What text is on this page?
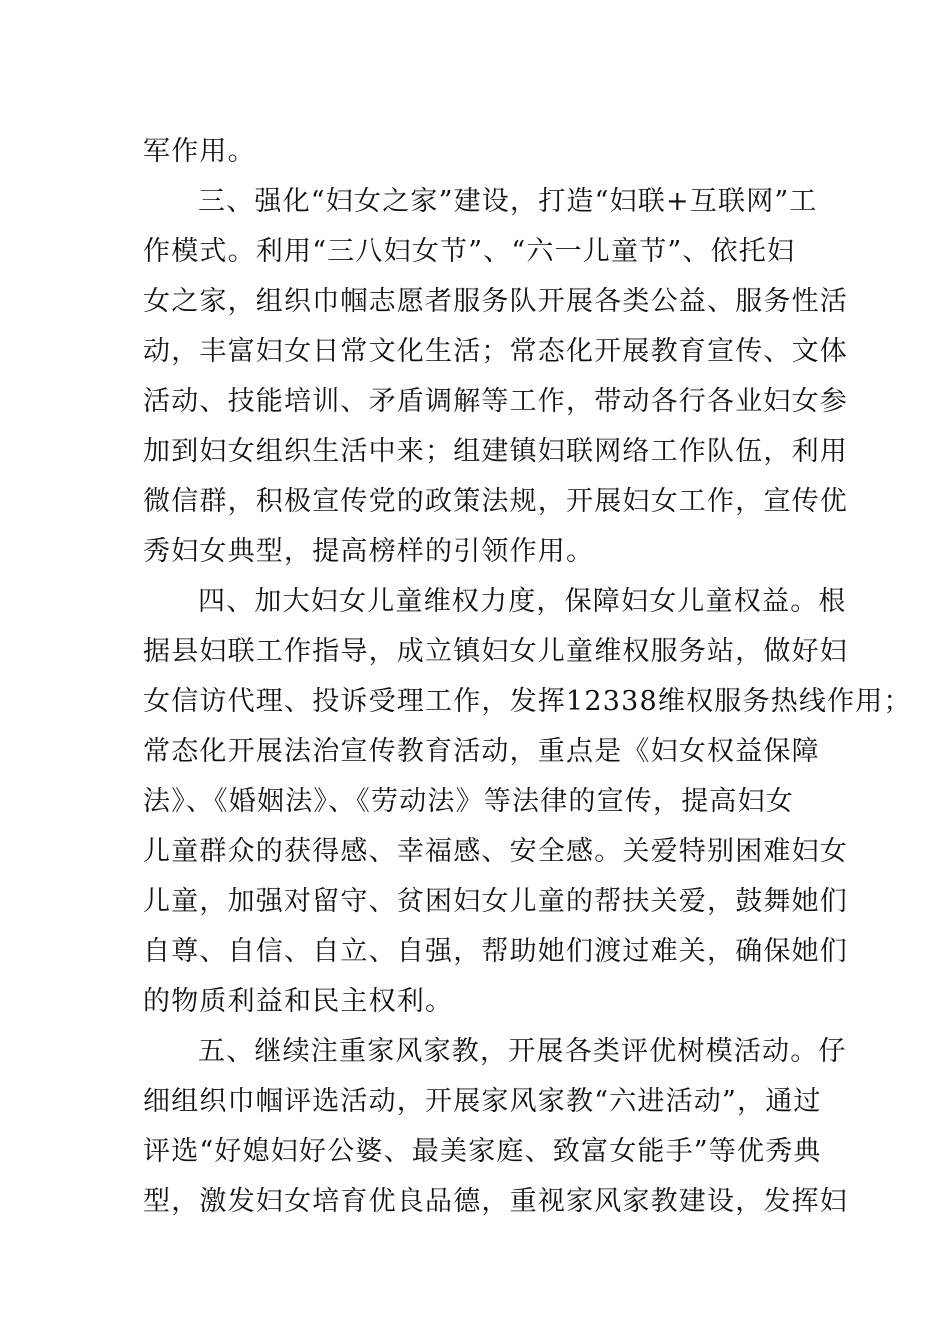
军作用。
三、强化“妇女之家”建设，打造“妇联+互联网”工
作模式。利用“三八妇女节”、“六一儿童节”、依托妇
女之家，组织巾帼志愿者服务队开展各类公益、服务性活
动，丰富妇女日常文化生活；常态化开展教育宣传、文体
活动、技能培训、矛盾调解等工作，带动各行各业妇女参
加到妇女组织生活中来；组建镇妇联网络工作队伍，利用
微信群，积极宣传党的政策法规，开展妇女工作，宣传优
秀妇女典型，提高榜样的引领作用。
四、加大妇女儿童维权力度，保障妇女儿童权益。根
据县妇联工作指导，成立镇妇女儿童维权服务站，做好妇
女信访代理、投诉受理工作，发挥12338维权服务热线作用；
常态化开展法治宣传教育活动，重点是《妇女权益保障
法》、《婚姻法》、《劳动法》等法律的宣传，提高妇女
儿童群众的获得感、幸福感、安全感。关爱特别困难妇女
儿童，加强对留守、贫困妇女儿童的帮扶关爱，鼓舞她们
自尊、自信、自立、自强，帮助她们渡过难关，确保她们
的物质利益和民主权利。
五、继续注重家风家教，开展各类评优树模活动。仔
细组织巾帼评选活动，开展家风家教“六进活动”，通过
评选“好媳妇好公婆、最美家庭、致富女能手”等优秀典
型，激发妇女培育优良品德，重视家风家教建设，发挥妇
